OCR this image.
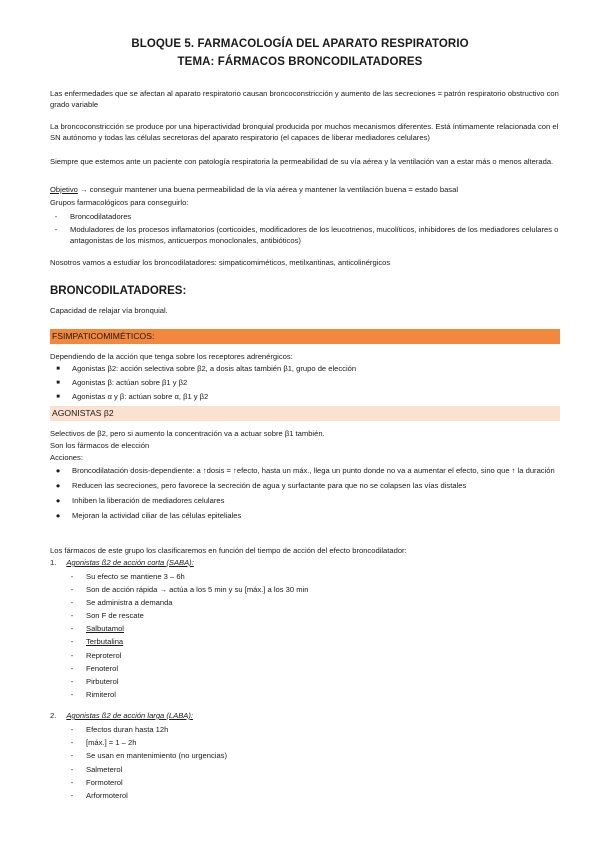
BLOQUE 5. FARMACOLOGÍA DEL APARATO RESPIRATORIO
TEMA: FÁRMACOS BRONCODILATADORES
Las enfermedades que se afectan al aparato respiratorio causan broncoconstricción y aumento de las secreciones = patrón respiratorio obstructivo con grado variable
La broncoconstricción se produce por una hiperactividad bronquial producida por muchos mecanismos diferentes. Está íntimamente relacionada con el SN autónomo y todas las células secretoras del aparato respiratorio (el capaces de liberar mediadores celulares)
Siempre que estemos ante un paciente con patología respiratoria la permeabilidad de su vía aérea y la ventilación van a estar más o menos alterada.
Objetivo → conseguir mantener una buena permeabilidad de la vía aérea y mantener la ventilación buena = estado basal
Grupos farmacológicos para conseguirlo:
-	Broncodilatadores
-	Moduladores de los procesos inflamatorios (corticoides, modificadores de los leucotrienos, mucolíticos, inhibidores de los mediadores celulares o antagonistas de los mismos, anticuerpos monoclonales, antibióticos)
Nosotros vamos a estudiar los broncodilatadores: simpaticomiméticos, metilxantinas, anticolinérgicos
BRONCODILATADORES:
Capacidad de relajar vía bronquial.
FSIMPATICOMIMÉTICOS:
Dependiendo de la acción que tenga sobre los receptores adrenérgicos:
■	Agonistas β2: acción selectiva sobre β2, a dosis altas también β1, grupo de elección
■	Agonistas β: actúan sobre β1 y β2
■	Agonistas α y β: actúan sobre α, β1 y β2
AGONISTAS β2
Selectivos de β2, pero si aumento la concentración va a actuar sobre β1 también.
Son los fármacos de elección
Acciones:
●	Broncodilatación dosis-dependiente: a ↑dosis = ↑efecto, hasta un máx., llega un punto donde no va a aumentar el efecto, sino que ↑ la duración
●	Reducen las secreciones, pero favorece la secreción de agua y surfactante para que no se colapsen las vías distales
●	Inhiben la liberación de mediadores celulares
●	Mejoran la actividad ciliar de las células epiteliales
Los fármacos de este grupo los clasificaremos en función del tiempo de acción del efecto broncodilatador:
1. Agonistas ß2 de acción corta (SABA):
-	Su efecto se mantiene 3 – 6h
-	Son de acción rápida → actúa a los 5 min y su [máx.] a los 30 min
-	Se administra a demanda
-	Son F de rescate
-	Salbutamol
-	Terbutalina
-	Reproterol
-	Fenoterol
-	Pirbuterol
-	Rimiterol
2. Agonistas ß2 de acción larga (LABA):
-	Efectos duran hasta 12h
-	[máx.] = 1 – 2h
-	Se usan en mantenimiento (no urgencias)
-	Salmeterol
-	Formoterol
-	Arformoterol
